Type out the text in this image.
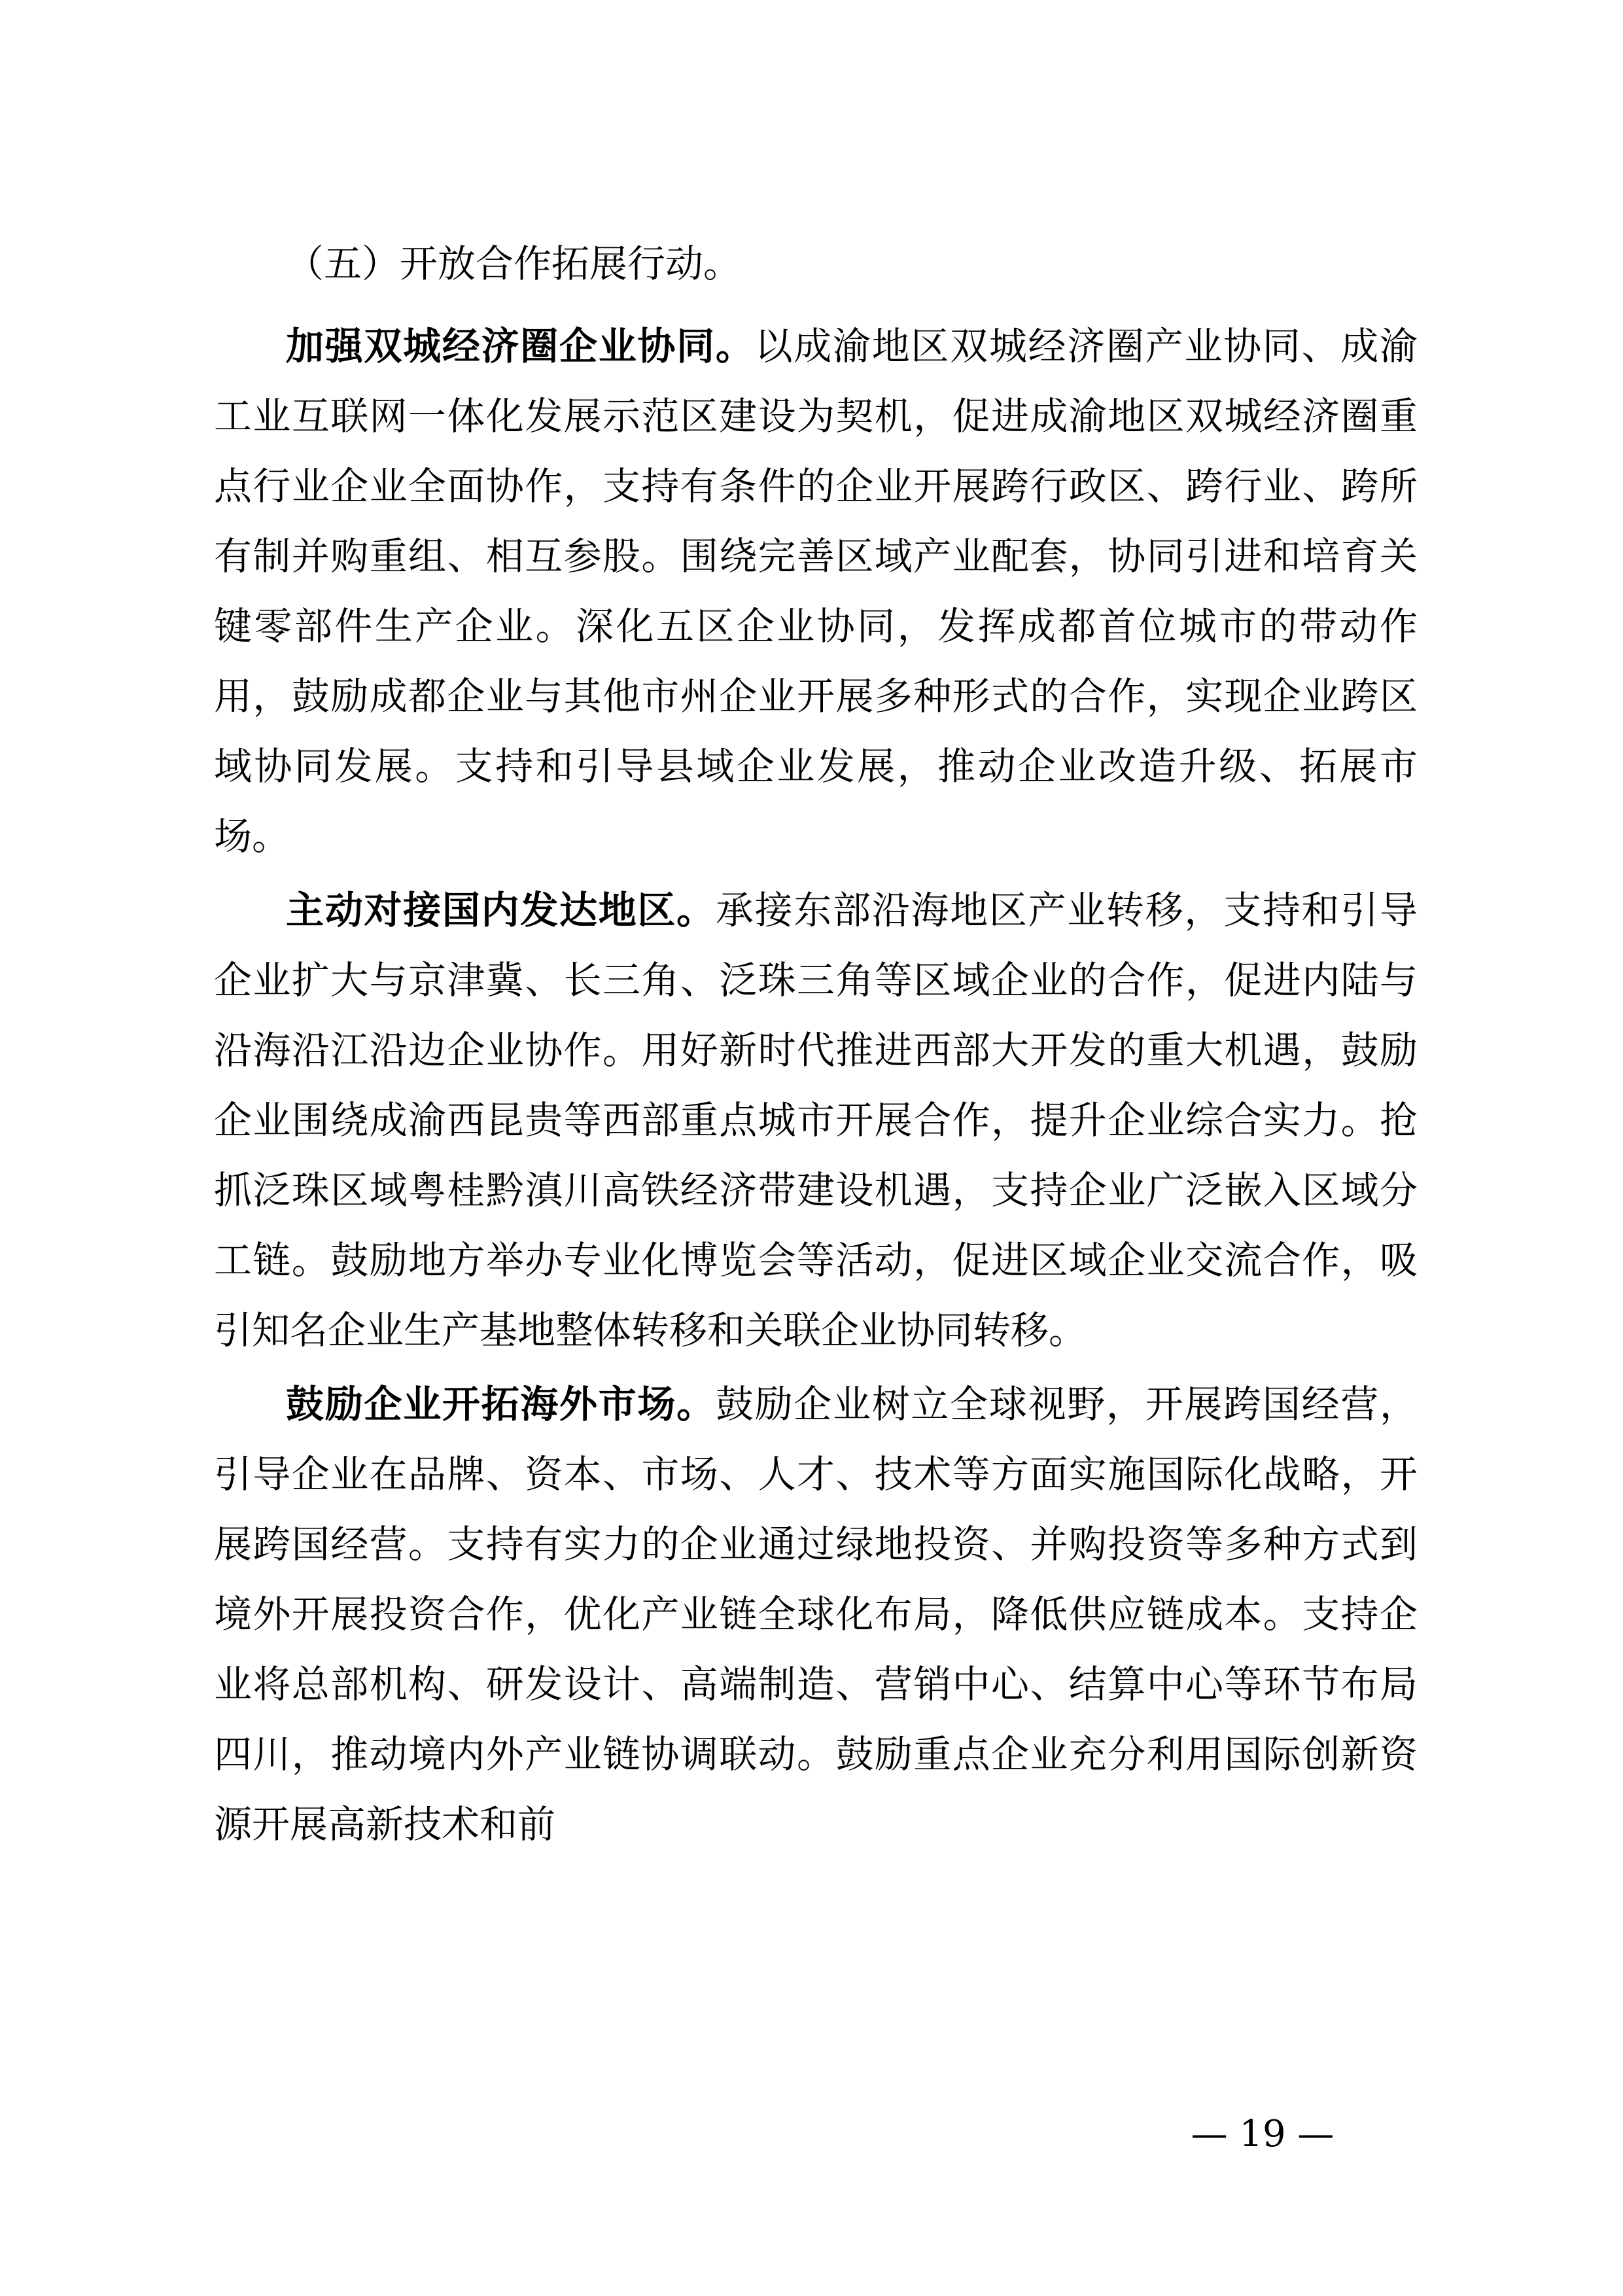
（五）开放合作拓展行动。

加强双城经济圈企业协同。以成渝地区双城经济圈产业协同、成渝工业互联网一体化发展示范区建设为契机，促进成渝地区双城经济圈重点行业企业全面协作，支持有条件的企业开展跨行政区、跨行业、跨所有制并购重组、相互参股。围绕完善区域产业配套，协同引进和培育关键零部件生产企业。深化五区企业协同，发挥成都首位城市的带动作用，鼓励成都企业与其他市州企业开展多种形式的合作，实现企业跨区域协同发展。支持和引导县域企业发展，推动企业改造升级、拓展市场。

主动对接国内发达地区。承接东部沿海地区产业转移，支持和引导企业扩大与京津冀、长三角、泛珠三角等区域企业的合作，促进内陆与沿海沿江沿边企业协作。用好新时代推进西部大开发的重大机遇，鼓励企业围绕成渝西昆贵等西部重点城市开展合作，提升企业综合实力。抢抓泛珠区域粤桂黔滇川高铁经济带建设机遇，支持企业广泛嵌入区域分工链。鼓励地方举办专业化博览会等活动，促进区域企业交流合作，吸引知名企业生产基地整体转移和关联企业协同转移。

鼓励企业开拓海外市场。鼓励企业树立全球视野，开展跨国经营，引导企业在品牌、资本、市场、人才、技术等方面实施国际化战略，开展跨国经营。支持有实力的企业通过绿地投资、并购投资等多种方式到境外开展投资合作，优化产业链全球化布局，降低供应链成本。支持企业将总部机构、研发设计、高端制造、营销中心、结算中心等环节布局四川，推动境内外产业链协调联动。鼓励重点企业充分利用国际创新资源开展高新技术和前

— 19 —
